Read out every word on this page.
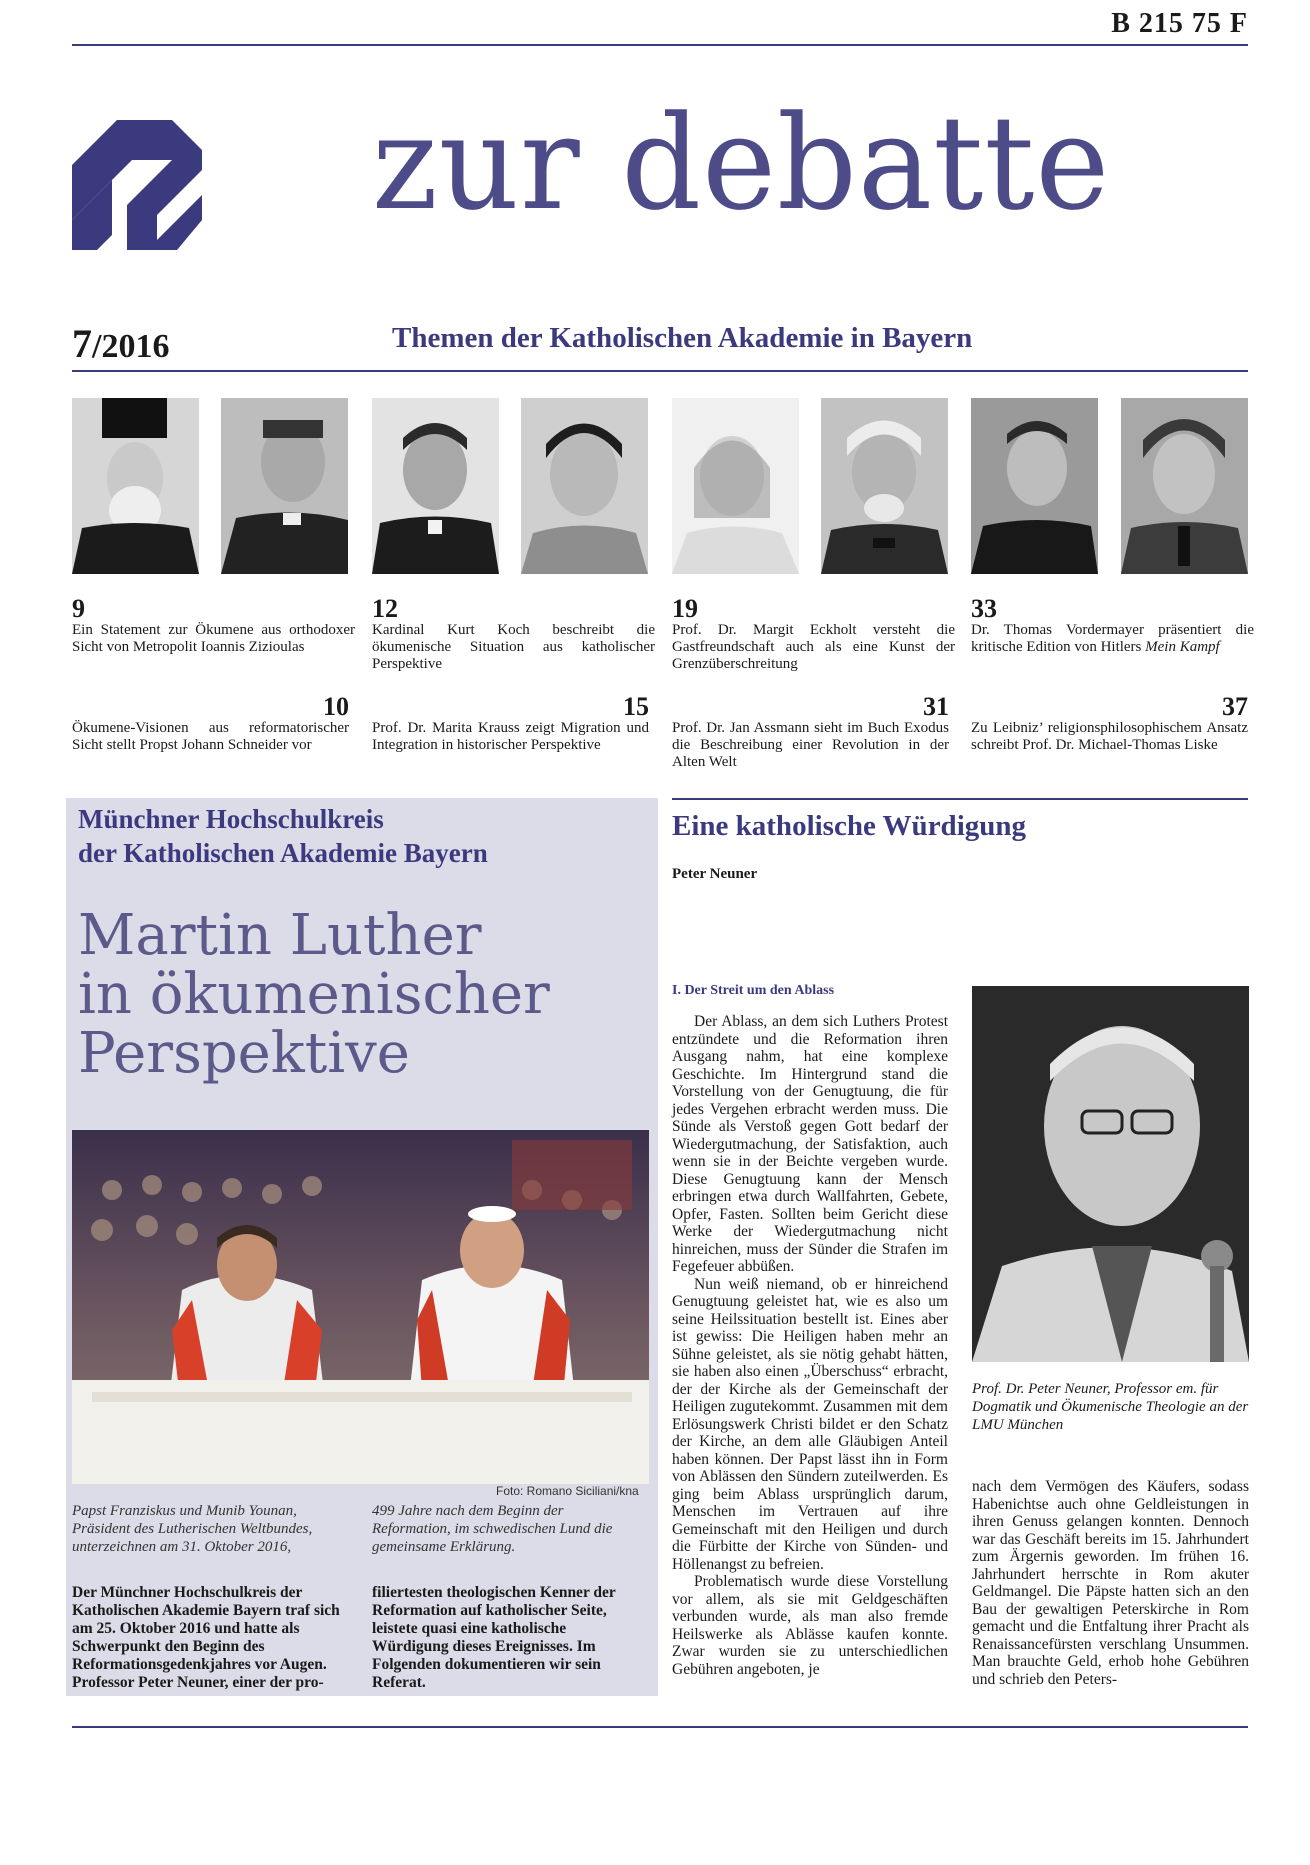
B 215 75 F
zur debatte
7/2016	Themen der Katholischen Akademie in Bayern
9
Ein Statement zur Ökumene aus orthodoxer Sicht von Metropolit Ioannis Zizioulas
12
Kardinal Kurt Koch beschreibt die ökumenische Situation aus katholischer Perspektive
19
Prof. Dr. Margit Eckholt versteht die Gastfreundschaft auch als eine Kunst der Grenzüberschreitung
33
Dr. Thomas Vordermayer präsentiert die kritische Edition von Hitlers Mein Kampf
10
Ökumene-Visionen aus reformatorischer Sicht stellt Propst Johann Schneider vor
15
Prof. Dr. Marita Krauss zeigt Migration und Integration in historischer Perspektive
31
Prof. Dr. Jan Assmann sieht im Buch Exodus die Beschreibung einer Revolution in der Alten Welt
37
Zu Leibniz’ religionsphilosophischem Ansatz schreibt Prof. Dr. Michael-Thomas Liske
Münchner Hochschulkreis
der Katholischen Akademie Bayern
Martin Luther
in ökumenischer
Perspektive
Foto: Romano Siciliani/kna
Papst Franziskus und Munib Younan, Präsident des Lutherischen Weltbundes, unterzeichnen am 31. Oktober 2016,
499 Jahre nach dem Beginn der Reformation, im schwedischen Lund die gemeinsame Erklärung.
Der Münchner Hochschulkreis der Katholischen Akademie Bayern traf sich am 25. Oktober 2016 und hatte als Schwerpunkt den Beginn des Reformationsgedenkjahres vor Augen. Professor Peter Neuner, einer der pro-
filiertesten theologischen Kenner der Reformation auf katholischer Seite, leistete quasi eine katholische Würdigung dieses Ereignisses. Im Folgenden dokumentieren wir sein Referat.
Eine katholische Würdigung
Peter Neuner
I. Der Streit um den Ablass

Der Ablass, an dem sich Luthers Protest entzündete und die Reformation ihren Ausgang nahm, hat eine komplexe Geschichte. Im Hintergrund stand die Vorstellung von der Genugtuung, die für jedes Vergehen erbracht werden muss. Die Sünde als Verstoß gegen Gott bedarf der Wiedergutmachung, der Satisfaktion, auch wenn sie in der Beichte vergeben wurde. Diese Genugtuung kann der Mensch erbringen etwa durch Wallfahrten, Gebete, Opfer, Fasten. Sollten beim Gericht diese Werke der Wiedergutmachung nicht hinreichen, muss der Sünder die Strafen im Fegefeuer abbüßen.

Nun weiß niemand, ob er hinreichend Genugtuung geleistet hat, wie es also um seine Heilssituation bestellt ist. Eines aber ist gewiss: Die Heiligen haben mehr an Sühne geleistet, als sie nötig gehabt hätten, sie haben also einen „Überschuss“ erbracht, der der Kirche als der Gemeinschaft der Heiligen zugutekommt. Zusammen mit dem Erlösungswerk Christi bildet er den Schatz der Kirche, an dem alle Gläubigen Anteil haben können. Der Papst lässt ihn in Form von Ablässen den Sündern zuteilwerden. Es ging beim Ablass ursprünglich darum, Menschen im Vertrauen auf ihre Gemeinschaft mit den Heiligen und durch die Fürbitte der Kirche von Sünden- und Höllenangst zu befreien.

Problematisch wurde diese Vorstellung vor allem, als sie mit Geldgeschäften verbunden wurde, als man also fremde Heilswerke als Ablässe kaufen konnte. Zwar wurden sie zu unterschiedlichen Gebühren angeboten, je

Prof. Dr. Peter Neuner, Professor em. für Dogmatik und Ökumenische Theologie an der LMU München

nach dem Vermögen des Käufers, sodass Habenichtse auch ohne Geldleistungen in ihren Genuss gelangen konnten. Dennoch war das Geschäft bereits im 15. Jahrhundert zum Ärgernis geworden. Im frühen 16. Jahrhundert herrschte in Rom akuter Geldmangel. Die Päpste hatten sich an den Bau der gewaltigen Peterskirche in Rom gemacht und die Entfaltung ihrer Pracht als Renaissancefürsten verschlang Unsummen. Man brauchte Geld, erhob hohe Gebühren und schrieb den Peters-
